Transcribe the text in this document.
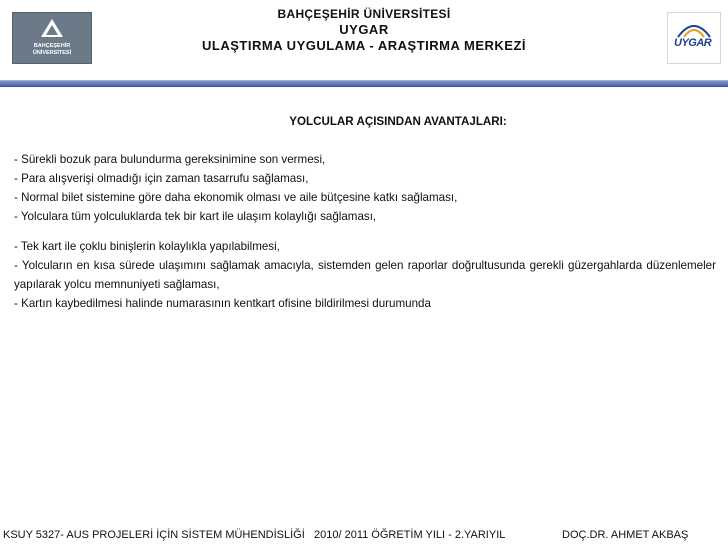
BAHÇEŞEHİR ÜNİVERSİTESİ
BAHÇEŞEHİR ÜNİVERSİTESİ
UYGAR
ULAŞTIRMA UYGULAMA - ARAŞTIRMA MERKEZİ	UYGAR
YOLCULAR AÇISINDAN AVANTAJLARI:

- Sürekli bozuk para bulundurma gereksinimine son vermesi,

- Para alışverişi olmadığı için zaman tasarrufu sağlaması,

- Normal bilet sistemine göre daha ekonomik olması ve aile bütçesine katkı sağlaması,

- Yolculara tüm yolculuklarda tek bir kart ile ulaşım kolaylığı sağlaması,

- Tek kart ile çoklu binişlerin kolaylıkla yapılabilmesi,

- Yolcuların en kısa sürede ulaşımını sağlamak amacıyla, sistemden gelen raporlar doğrultusunda gerekli güzergahlarda düzenlemeler yapılarak yolcu memnuniyeti sağlaması,

- Kartın kaybedilmesi halinde numarasının kentkart ofisine bildirilmesi durumunda

KSUY 5327- AUS PROJELERİ İÇİN SİSTEM MÜHENDİSLİĞİ 2010/ 2011 ÖĞRETİM YILI - 2.YARIYIL	DOÇ.DR. AHMET AKBAŞ
